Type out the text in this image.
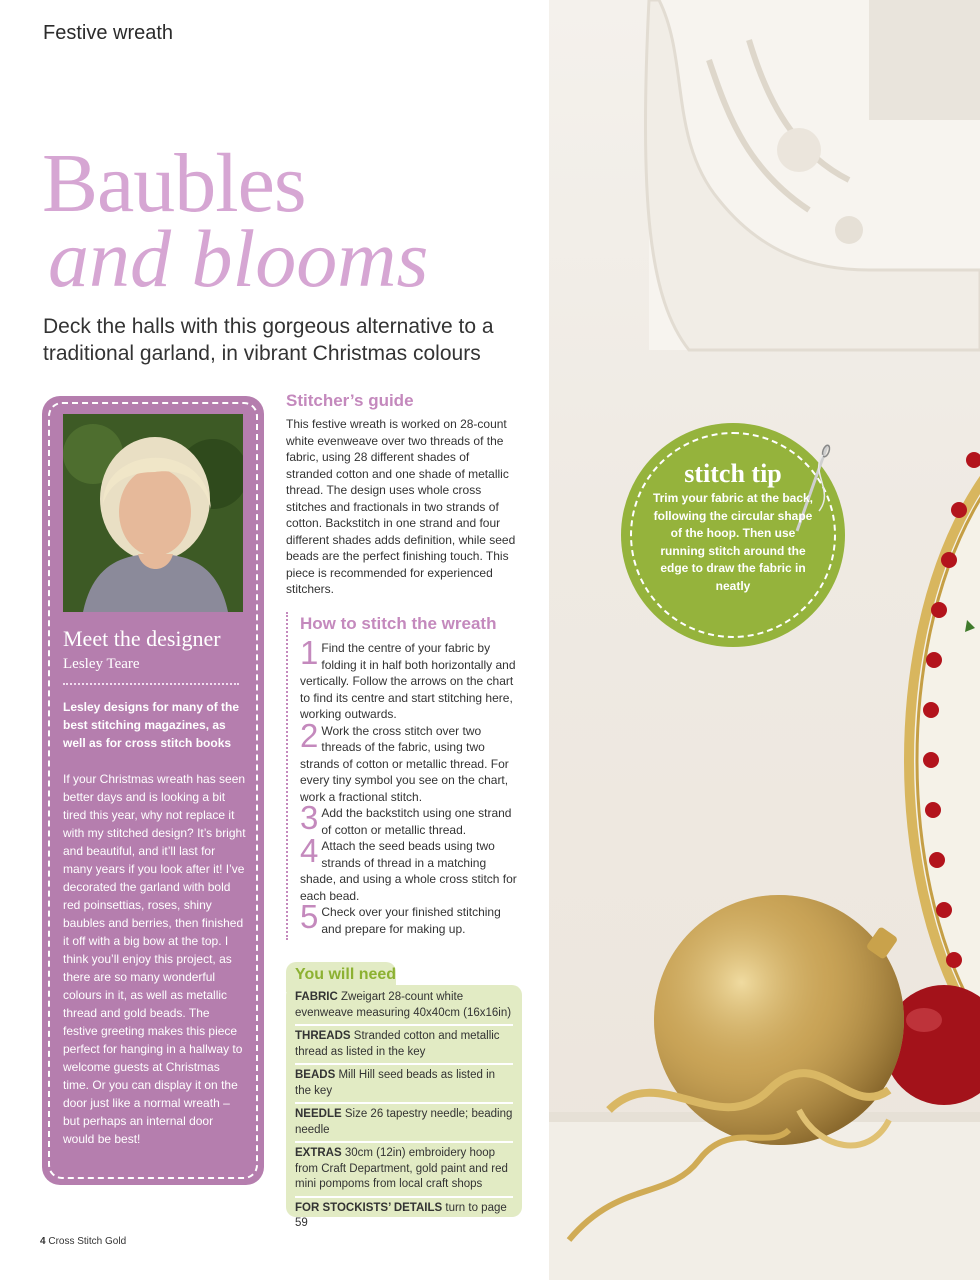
Festive wreath
Baubles
and blooms
Deck the halls with this gorgeous alternative to a traditional garland, in vibrant Christmas colours
Meet the designer
Lesley Teare
Lesley designs for many of the best stitching magazines, as well as for cross stitch books
If your Christmas wreath has seen better days and is looking a bit tired this year, why not replace it with my stitched design? It’s bright and beautiful, and it’ll last for many years if you look after it! I’ve decorated the garland with bold red poinsettias, roses, shiny baubles and berries, then finished it off with a big bow at the top. I think you’ll enjoy this project, as there are so many wonderful colours in it, as well as metallic thread and gold beads. The festive greeting makes this piece perfect for hanging in a hallway to welcome guests at Christmas time. Or you can display it on the door just like a normal wreath – but perhaps an internal door would be best!
Stitcher’s guide
This festive wreath is worked on 28-count white evenweave over two threads of the fabric, using 28 different shades of stranded cotton and one shade of metallic thread. The design uses whole cross stitches and fractionals in two strands of cotton. Backstitch in one strand and four different shades adds definition, while seed beads are the perfect finishing touch. This piece is recommended for experienced stitchers.
How to stitch the wreath

1 Find the centre of your fabric by folding it in half both horizontally and vertically. Follow the arrows on the chart to find its centre and start stitching here, working outwards.

2 Work the cross stitch over two threads of the fabric, using two strands of cotton or metallic thread. For every tiny symbol you see on the chart, work a fractional stitch.

3 Add the backstitch using one strand of cotton or metallic thread.

4 Attach the seed beads using two strands of thread in a matching shade, and using a whole cross stitch for each bead.

5 Check over your finished stitching and prepare for making up.

You will need
FABRIC Zweigart 28-count white evenweave measuring 40x40cm (16x16in)
THREADS Stranded cotton and metallic thread as listed in the key
BEADS Mill Hill seed beads as listed in the key
NEEDLE Size 26 tapestry needle; beading needle
EXTRAS 30cm (12in) embroidery hoop from Craft Department, gold paint and red mini pompoms from local craft shops
FOR STOCKISTS’ DETAILS turn to page 59
stitch tip
Trim your fabric at the back, following the circular shape of the hoop. Then use running stitch around the edge to draw the fabric in neatly
4 Cross Stitch Gold
